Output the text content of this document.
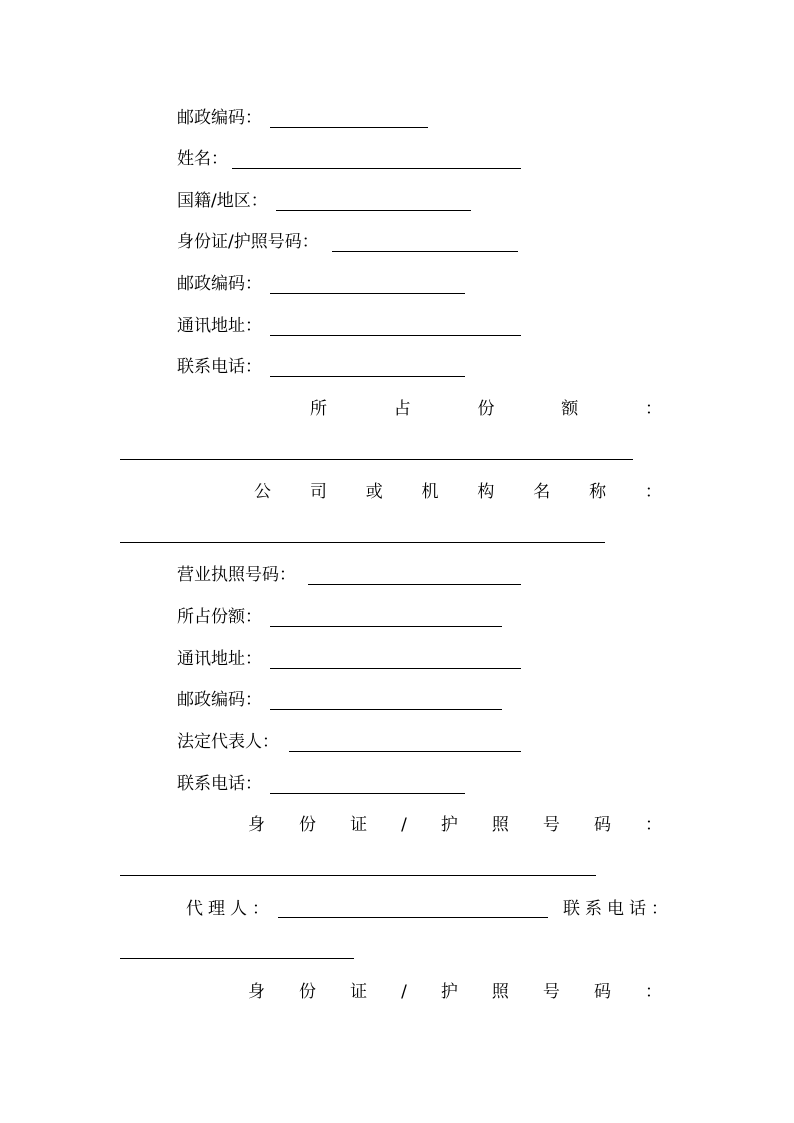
邮政编码：
姓名：
国籍/地区：
身份证/护照号码：
邮政编码：
通讯地址：
联系电话：
所	占	份	额	：
公 司 或 机 构 名 称 ：
营业执照号码：
所占份额：
通讯地址：
邮政编码：
法定代表人：
联系电话：
身 份 证 / 护 照 号 码 ：
代理人：	联系电话：
身 份 证 / 护 照 号 码 ：
